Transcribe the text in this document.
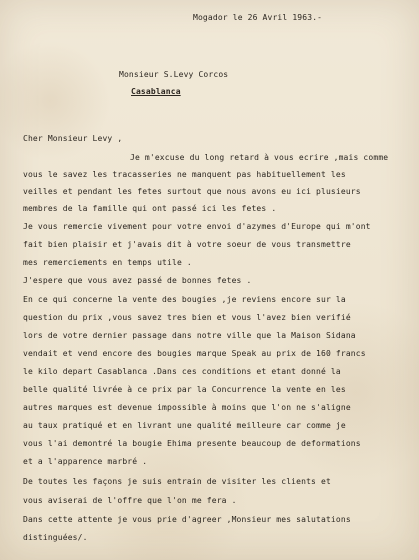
Mogador le 26 Avril 1963.-
Monsieur S.Levy Corcos
Casablanca
Cher Monsieur Levy ,
Je m'excuse du long retard à vous ecrire ,mais comme
vous le savez les tracasseries ne manquent pas habituellement les
veilles et pendant les fetes surtout que nous avons eu ici plusieurs
membres de la famille qui ont passé ici les fetes .
Je vous remercie vivement pour votre envoi d'azymes d'Europe qui m'ont
fait bien plaisir et j'avais dit à votre soeur de vous transmettre
mes remerciements en temps utile .
J'espere que vous avez passé de bonnes fetes .
En ce qui concerne la vente des bougies ,je reviens encore sur la
question du prix ,vous savez tres bien et vous l'avez bien verifié
lors de votre dernier passage dans notre ville que la Maison Sidana
vendait et vend encore des bougies marque Speak au prix de 160 francs
le kilo depart Casablanca .Dans ces conditions et etant donné la
belle qualité livrée à ce prix par la Concurrence la vente en les
autres marques est devenue impossible à moins que l'on ne s'aligne
au taux pratiqué et en livrant une qualité meilleure car comme je
vous l'ai demontré la bougie Ehima presente beaucoup de deformations
et a l'apparence marbré .
De toutes les façons je suis entrain de visiter les clients et
vous aviserai de l'offre que l'on me fera .
Dans cette attente je vous prie d'agreer ,Monsieur mes salutations
distinguées/.
